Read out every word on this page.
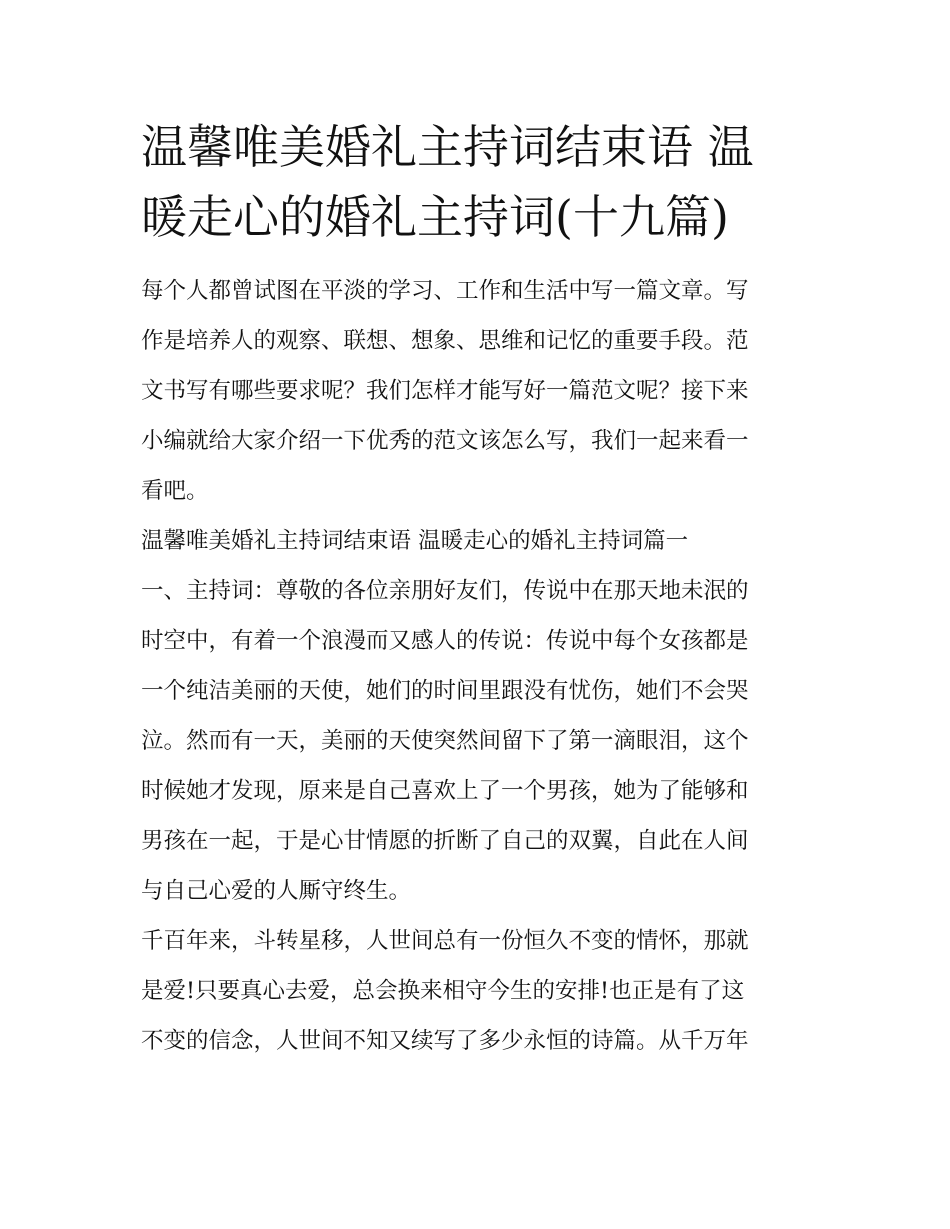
温馨唯美婚礼主持词结束语 温
暖走心的婚礼主持词(十九篇)

每个人都曾试图在平淡的学习、工作和生活中写一篇文章。写
作是培养人的观察、联想、想象、思维和记忆的重要手段。范
文书写有哪些要求呢？我们怎样才能写好一篇范文呢？接下来
小编就给大家介绍一下优秀的范文该怎么写，我们一起来看一
看吧。

温馨唯美婚礼主持词结束语 温暖走心的婚礼主持词篇一

一、主持词：尊敬的各位亲朋好友们，传说中在那天地未泯的
时空中，有着一个浪漫而又感人的传说：传说中每个女孩都是
一个纯洁美丽的天使，她们的时间里跟没有忧伤，她们不会哭
泣。然而有一天，美丽的天使突然间留下了第一滴眼泪，这个
时候她才发现，原来是自己喜欢上了一个男孩，她为了能够和
男孩在一起，于是心甘情愿的折断了自己的双翼，自此在人间
与自己心爱的人厮守终生。

千百年来，斗转星移，人世间总有一份恒久不变的情怀，那就
是爱!只要真心去爱，总会换来相守今生的安排!也正是有了这
不变的信念，人世间不知又续写了多少永恒的诗篇。从千万年
